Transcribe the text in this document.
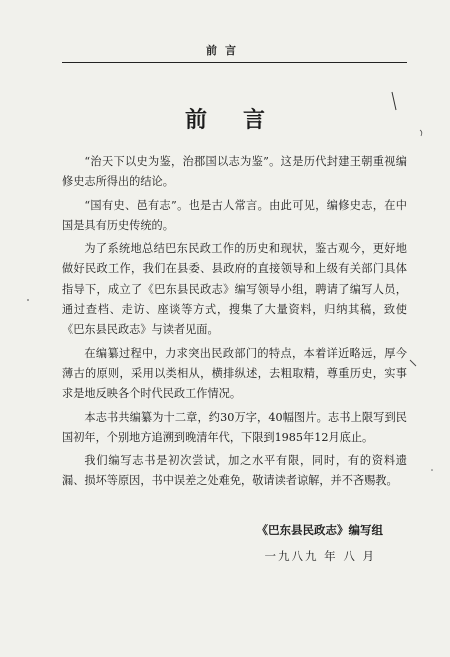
前言
前言

“治天下以史为鉴，治郡国以志为鉴”。这是历代封建王朝重视编修史志所得出的结论。

“国有史、邑有志”。也是古人常言。由此可见，编修史志，在中国是具有历史传统的。

为了系统地总结巴东民政工作的历史和现状，鉴古观今，更好地做好民政工作，我们在县委、县政府的直接领导和上级有关部门具体指导下，成立了《巴东县民政志》编写领导小组，聘请了编写人员，通过查档、走访、座谈等方式，搜集了大量资料，归纳其稿，致使《巴东县民政志》与读者见面。

在编纂过程中，力求突出民政部门的特点，本着详近略远，厚今薄古的原则，采用以类相从，横排纵述，去粗取精，尊重历史，实事求是地反映各个时代民政工作情况。

本志书共编纂为十二章，约30万字，40幅图片。志书上限写到民国初年，个别地方追溯到晚清年代，下限到1985年12月底止。

我们编写志书是初次尝试，加之水平有限，同时，有的资料遗漏、损坏等原因，书中误差之处难免，敬请读者谅解，并不吝赐教。

《巴东县民政志》编写组
一九八九 年 八 月
